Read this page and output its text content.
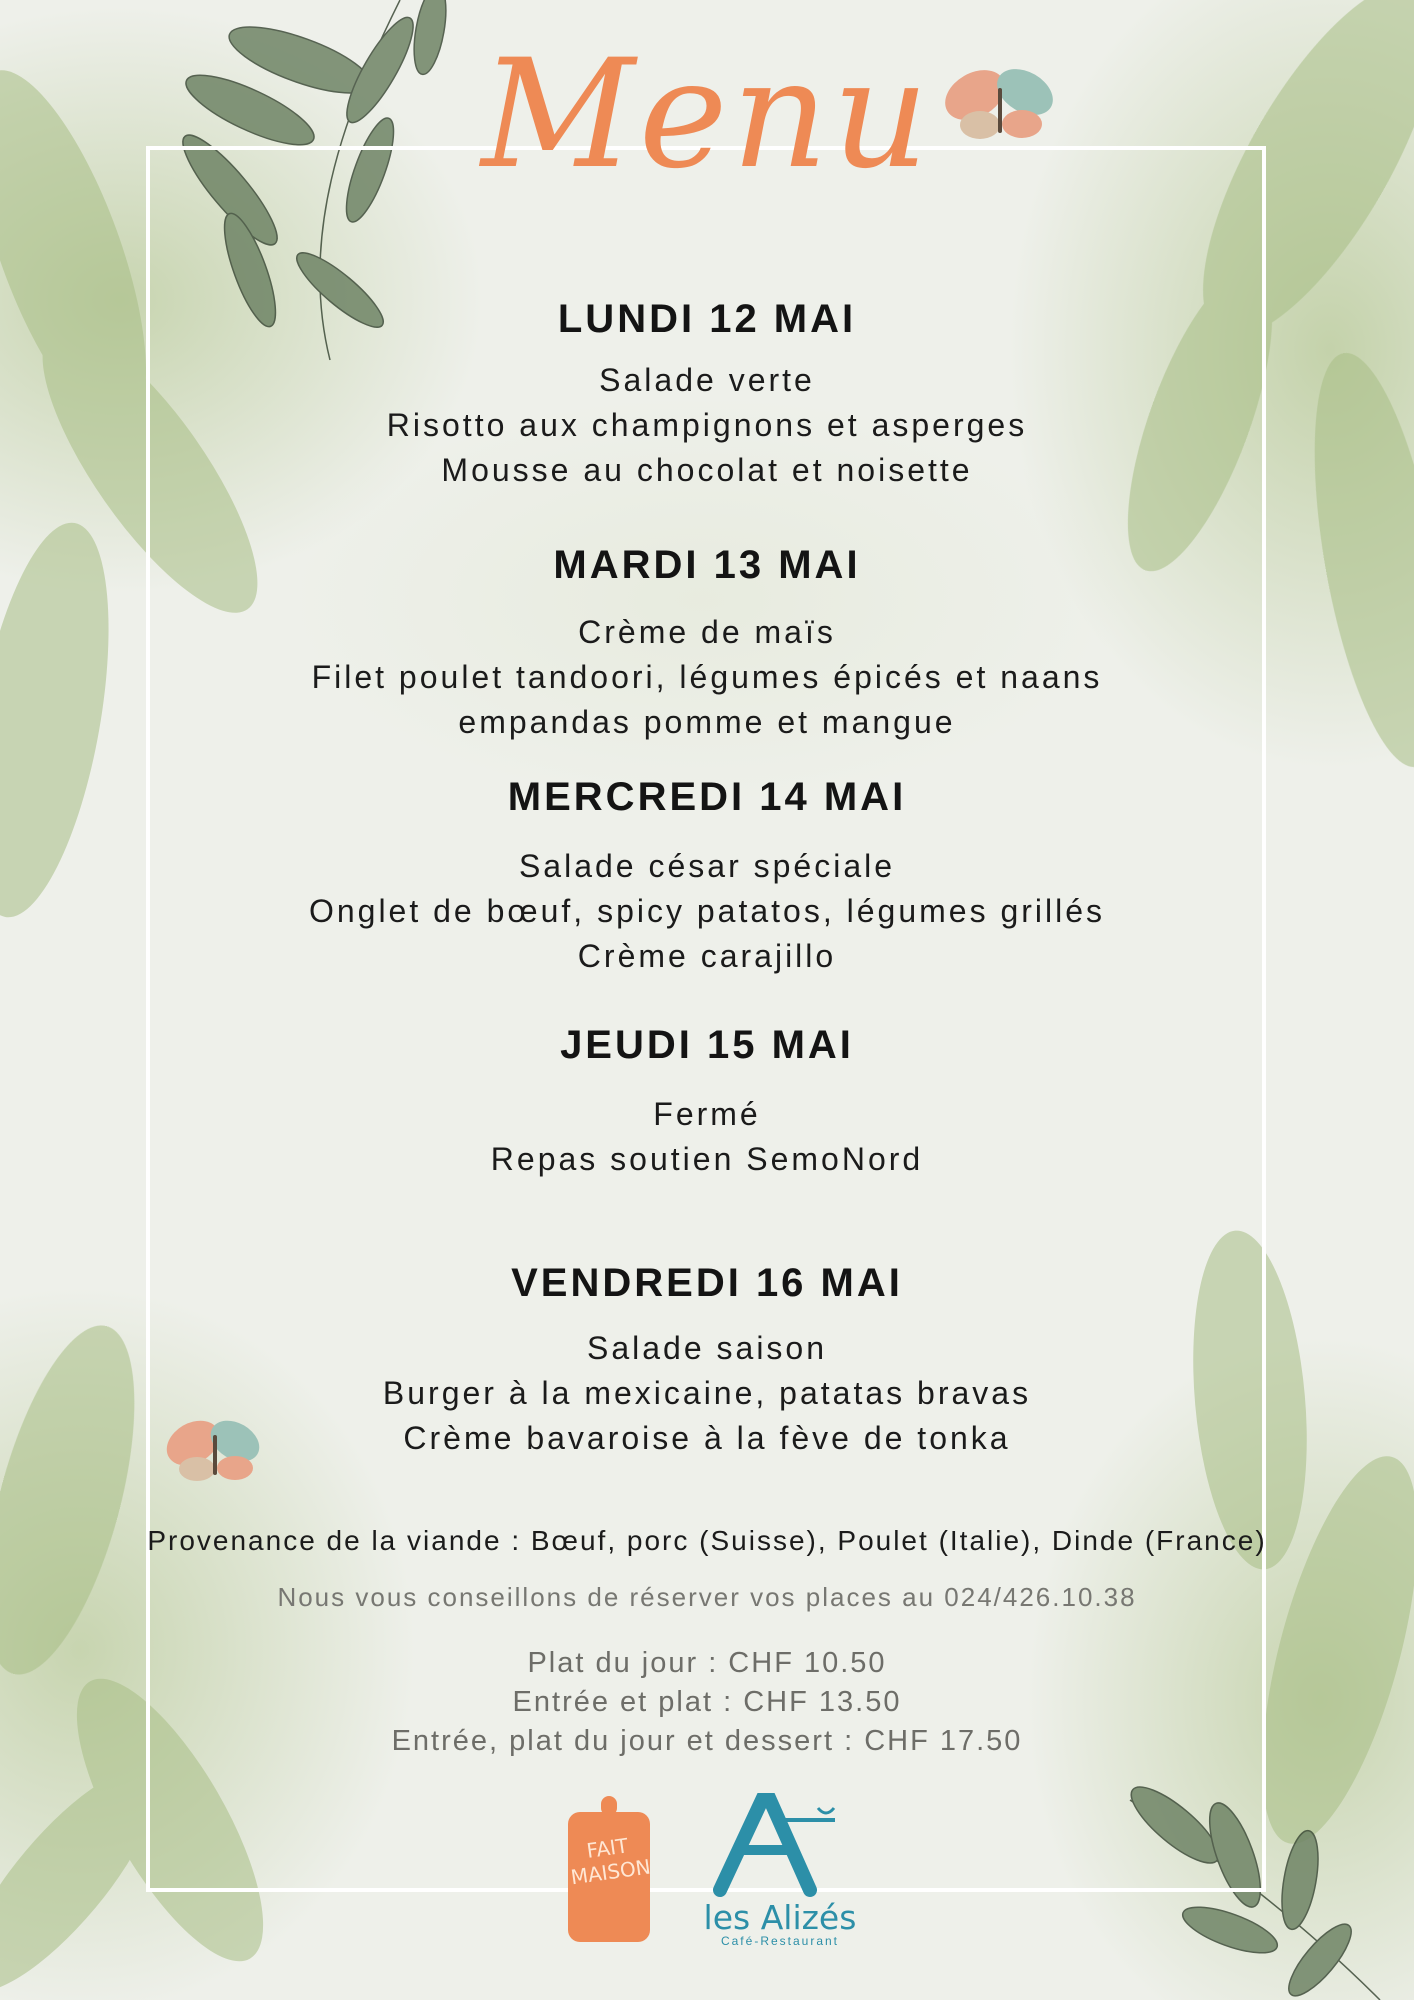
Menu
LUNDI 12 MAI
Salade verte
Risotto aux champignons et asperges
Mousse au chocolat et noisette
MARDI 13 MAI
Crème de maïs
Filet poulet tandoori, légumes épicés et naans
empandas pomme et mangue
MERCREDI 14 MAI
Salade césar spéciale
Onglet de bœuf, spicy patatos, légumes grillés
Crème carajillo
JEUDI 15 MAI
Fermé
Repas soutien SemoNord
VENDREDI 16 MAI
Salade saison
Burger à la mexicaine, patatas bravas
Crème bavaroise à la fève de tonka
Provenance de la viande : Bœuf, porc (Suisse), Poulet (Italie), Dinde (France)
Nous vous conseillons de réserver vos places au 024/426.10.38
Plat du jour : CHF 10.50
Entrée et plat : CHF 13.50
Entrée, plat du jour et dessert : CHF 17.50
FAIT MAISON
les Alizés
Café-Restaurant
